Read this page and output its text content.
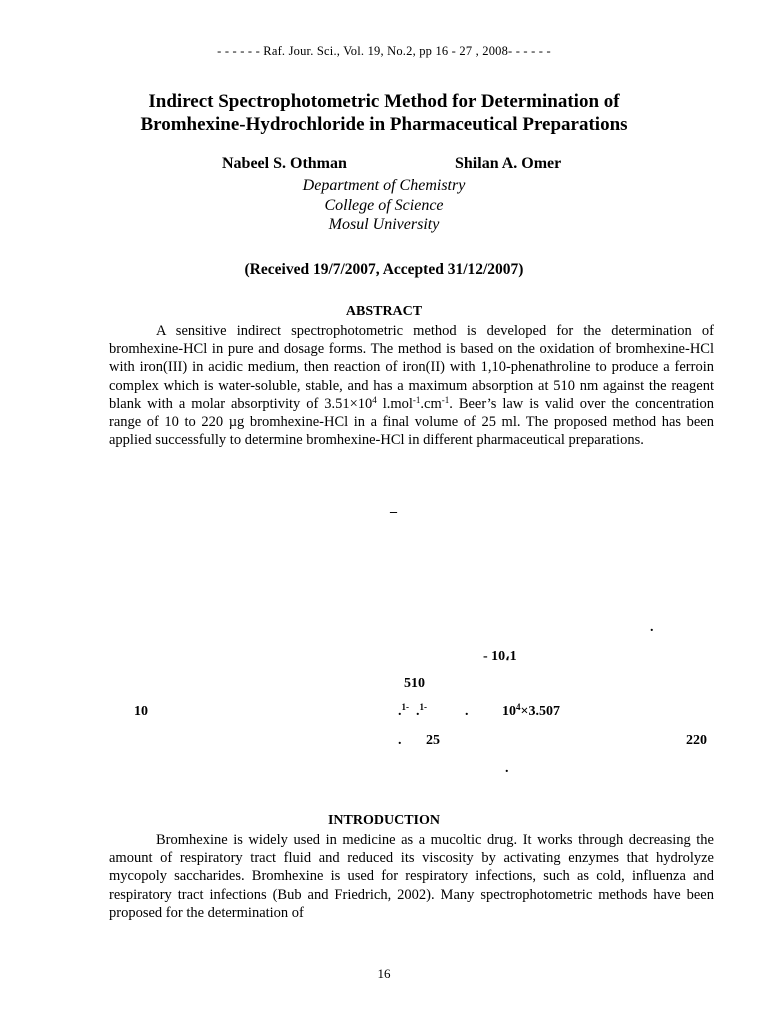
- - - - - - Raf. Jour. Sci., Vol. 19, No.2, pp 16 - 27 , 2008- - - - - -
Indirect Spectrophotometric Method for Determination of
Bromhexine-Hydrochloride in Pharmaceutical Preparations
Nabeel S. Othman	Shilan A. Omer
Department of Chemistry
College of Science
Mosul University
(Received 19/7/2007, Accepted 31/12/2007)
ABSTRACT

A sensitive indirect spectrophotometric method is developed for the determination of bromhexine-HCl in pure and dosage forms. The method is based on the oxidation of bromhexine-HCl with iron(III) in acidic medium, then reaction of iron(II) with 1,10-phenathroline to produce a ferroin complex which is water-soluble, stable, and has a maximum absorption at 510 nm against the reagent blank with a molar absorptivity of $3.51\times 10^4$ $l.mol^{-1}.cm^{-1}$. Beer’s law is valid over the concentration range of 10 to 220 µg bromhexine-HCl in a final volume of 25 ml. The proposed method has been applied successfully to determine bromhexine-HCl in different pharmaceutical preparations.

_
.
- 10،1
510
10	.$^{1-}$  .$^{1-}$	. $10^4\times 3.507$
. 25	220
.
INTRODUCTION

Bromhexine is widely used in medicine as a mucoltic drug. It works through decreasing the amount of respiratory tract fluid and reduced its viscosity by activating enzymes that hydrolyze mycopoly saccharides. Bromhexine is used for respiratory infections, such as cold, influenza and respiratory tract infections (Bub and Friedrich, 2002). Many spectrophotometric methods have been proposed for the determination of

16
